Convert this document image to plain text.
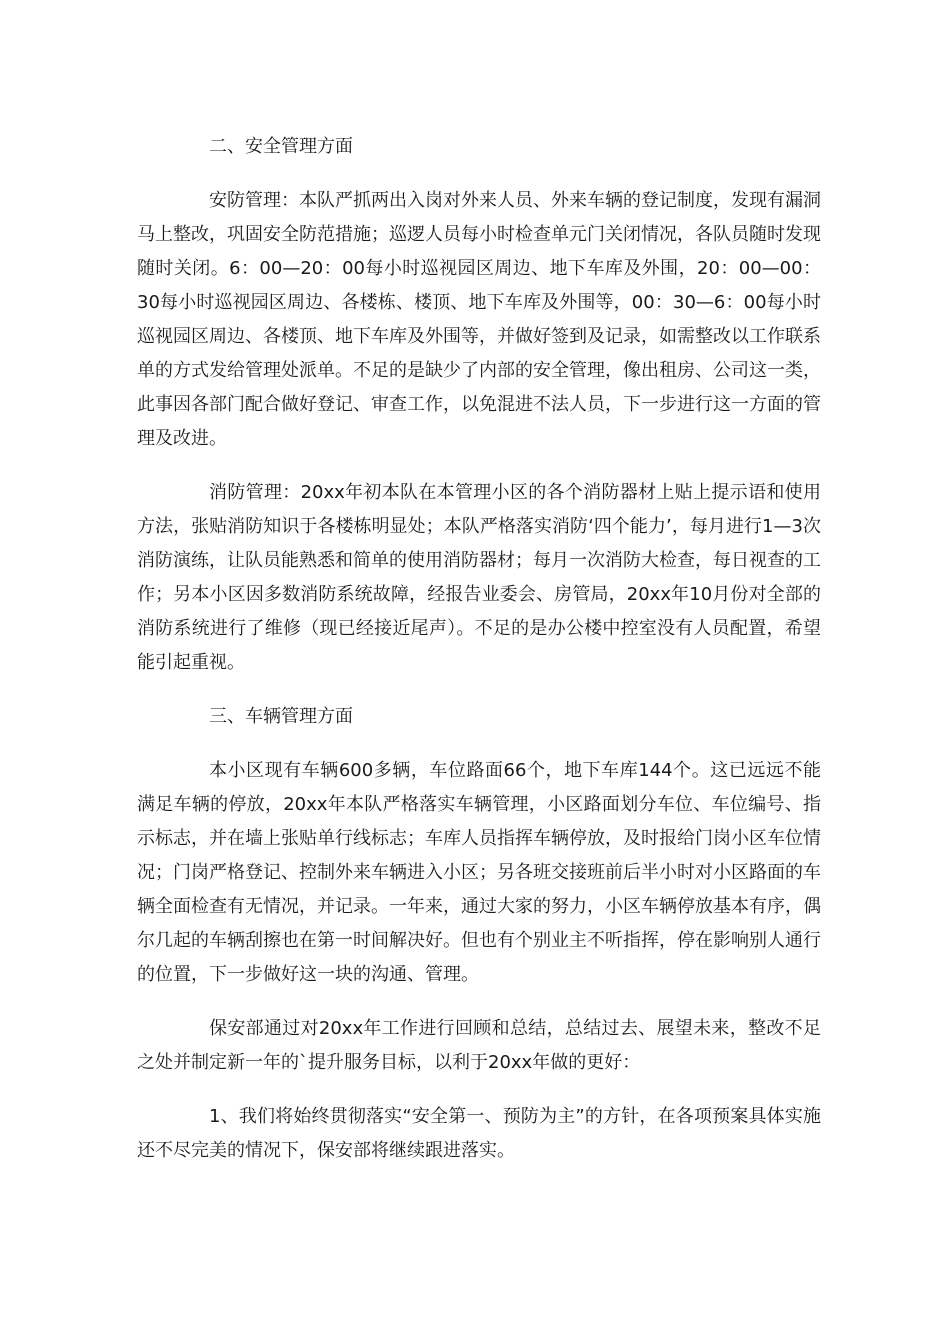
二、安全管理方面

安防管理：本队严抓两出入岗对外来人员、外来车辆的登记制度，发现有漏洞马上整改，巩固安全防范措施；巡逻人员每小时检查单元门关闭情况，各队员随时发现随时关闭。6：00—20：00每小时巡视园区周边、地下车库及外围，20：00—00：30每小时巡视园区周边、各楼栋、楼顶、地下车库及外围等，00：30—6：00每小时巡视园区周边、各楼顶、地下车库及外围等，并做好签到及记录，如需整改以工作联系单的方式发给管理处派单。不足的是缺少了内部的安全管理，像出租房、公司这一类，此事因各部门配合做好登记、审查工作，以免混进不法人员，下一步进行这一方面的管理及改进。

消防管理：20xx年初本队在本管理小区的各个消防器材上贴上提示语和使用方法，张贴消防知识于各楼栋明显处；本队严格落实消防‘四个能力’，每月进行1—3次消防演练，让队员能熟悉和简单的使用消防器材；每月一次消防大检查，每日视查的工作；另本小区因多数消防系统故障，经报告业委会、房管局，20xx年10月份对全部的消防系统进行了维修（现已经接近尾声）。不足的是办公楼中控室没有人员配置，希望能引起重视。

三、车辆管理方面

本小区现有车辆600多辆，车位路面66个，地下车库144个。这已远远不能满足车辆的停放，20xx年本队严格落实车辆管理，小区路面划分车位、车位编号、指示标志，并在墙上张贴单行线标志；车库人员指挥车辆停放，及时报给门岗小区车位情况；门岗严格登记、控制外来车辆进入小区；另各班交接班前后半小时对小区路面的车辆全面检查有无情况，并记录。一年来，通过大家的努力，小区车辆停放基本有序，偶尔几起的车辆刮擦也在第一时间解决好。但也有个别业主不听指挥，停在影响别人通行的位置，下一步做好这一块的沟通、管理。

保安部通过对20xx年工作进行回顾和总结，总结过去、展望未来，整改不足之处并制定新一年的`提升服务目标，以利于20xx年做的更好：

1、我们将始终贯彻落实“安全第一、预防为主”的方针，在各项预案具体实施还不尽完美的情况下，保安部将继续跟进落实。
